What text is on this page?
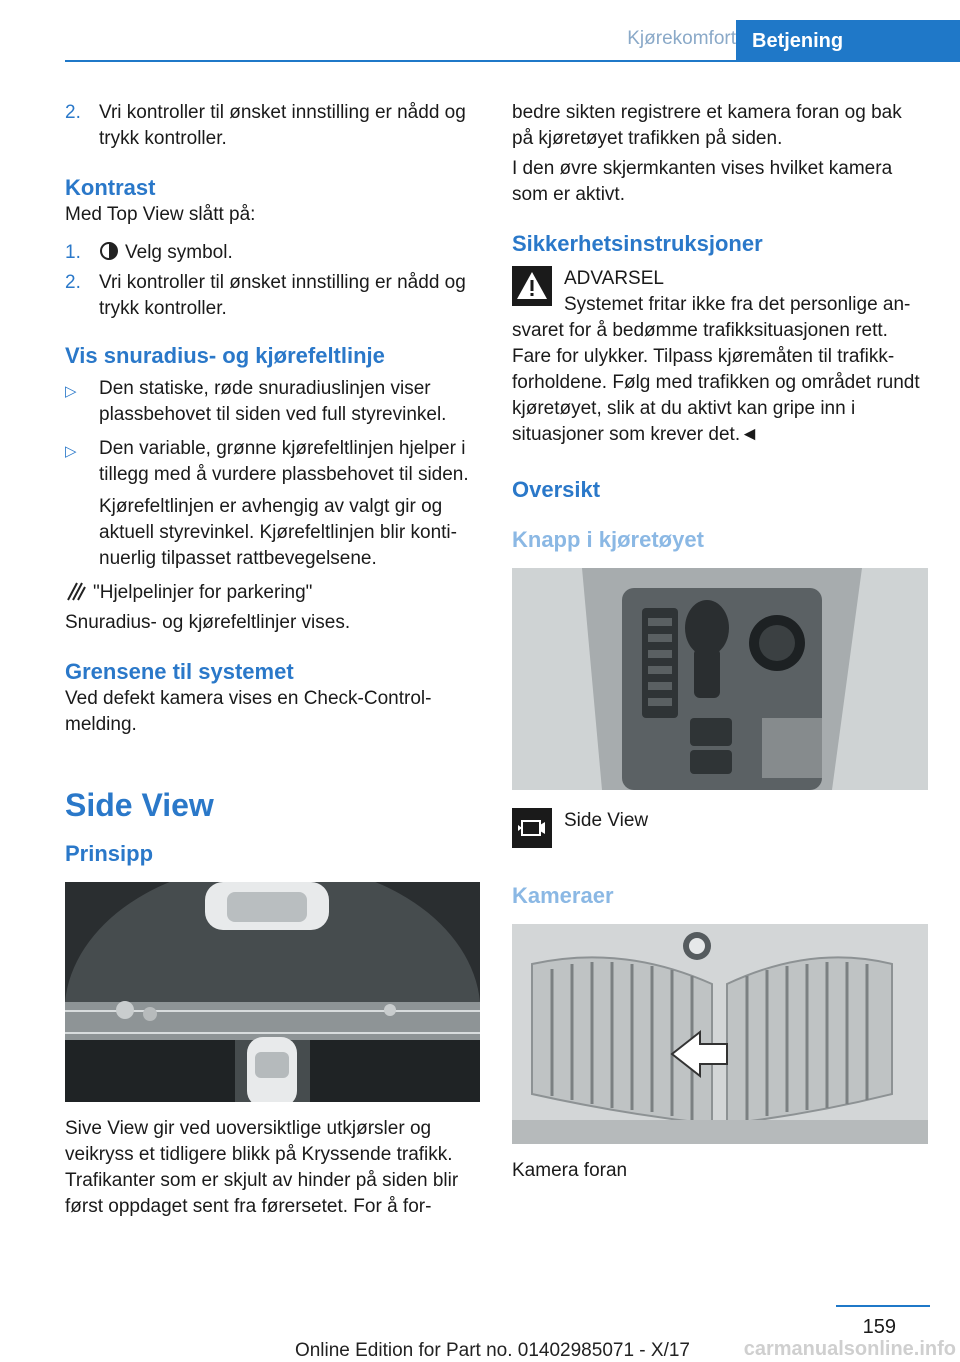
Kjørekomfort Betjening
2. Vri kontroller til ønsket innstilling er nådd og trykk kontroller.
Kontrast

Med Top View slått på:

1.	Velg symbol.
2. Vri kontroller til ønsket innstilling er nådd og trykk kontroller.
Vis snuradius- og kjørefeltlinje
▷	Den statiske, røde snuradiuslinjen viser plassbehovet til siden ved full styrevinkel.
▷	Den variable, grønne kjørefeltlinjen hjelper i tillegg med å vurdere plassbehovet til siden.

Kjørefeltlinjen er avhengig av valgt gir og aktuell styrevinkel. Kjørefeltlinjen blir kontinuerlig tilpasset rattbevegelsene.

"Hjelpelinjer for parkering"

Snuradius- og kjørefeltlinjer vises.

Grensene til systemet

Ved defekt kamera vises en Check-Control-melding.

Side View
Prinsipp

Sive View gir ved uoversiktlige utkjørsler og veikryss et tidligere blikk på Kryssende trafikk. Trafikanter som er skjult av hinder på siden blir først oppdaget sent fra førersetet. For å for-

bedre sikten registrere et kamera foran og bak på kjøretøyet trafikken på siden.

I den øvre skjermkanten vises hvilket kamera som er aktivt.

Sikkerhetsinstruksjoner
ADVARSEL
Systemet fritar ikke fra det personlige an-

svaret for å bedømme trafikksituasjonen rett. Fare for ulykker. Tilpass kjøremåten til trafikkforholdene. Følg med trafikken og området rundt kjøretøyet, slik at du aktivt kan gripe inn i situasjoner som krever det.◄

Oversikt
Knapp i kjøretøyet
Side View
Kameraer

Kamera foran

159
Online Edition for Part no. 01402985071 - X/17	carmanualsonline.info
